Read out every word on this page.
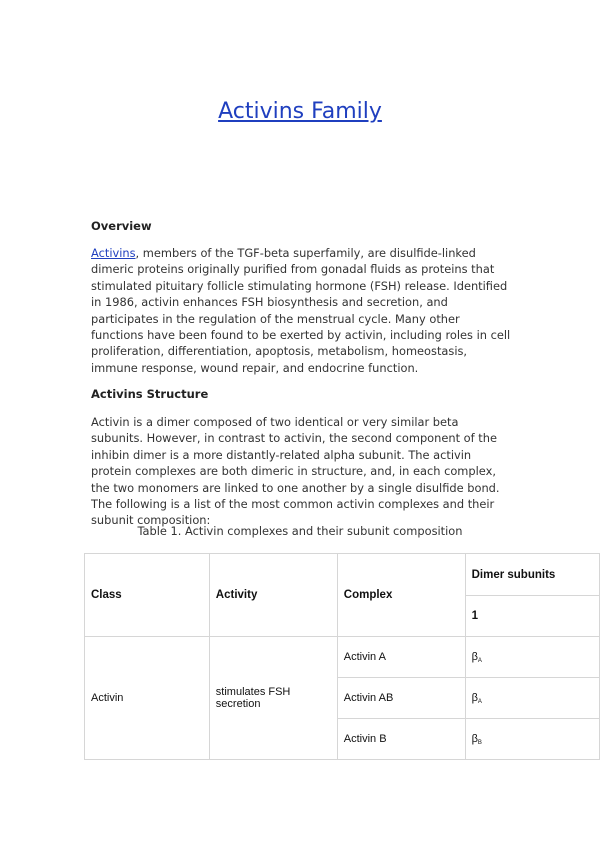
Activins Family
Overview

Activins, members of the TGF-beta superfamily, are disulfide-linked dimeric proteins originally purified from gonadal fluids as proteins that stimulated pituitary follicle stimulating hormone (FSH) release. Identified in 1986, activin enhances FSH biosynthesis and secretion, and participates in the regulation of the menstrual cycle. Many other functions have been found to be exerted by activin, including roles in cell proliferation, differentiation, apoptosis, metabolism, homeostasis, immune response, wound repair, and endocrine function.

Activins Structure

Activin is a dimer composed of two identical or very similar beta subunits. However, in contrast to activin, the second component of the inhibin dimer is a more distantly-related alpha subunit. The activin protein complexes are both dimeric in structure, and, in each complex, the two monomers are linked to one another by a single disulfide bond. The following is a list of the most common activin complexes and their subunit composition:

Table 1. Activin complexes and their subunit composition

Class	Activity	Complex	Dimer subunits
			1
Activin	stimulates FSH secretion	Activin A	$\beta_A$
		Activin AB	$\beta_A$
		Activin B	$\beta_B$
